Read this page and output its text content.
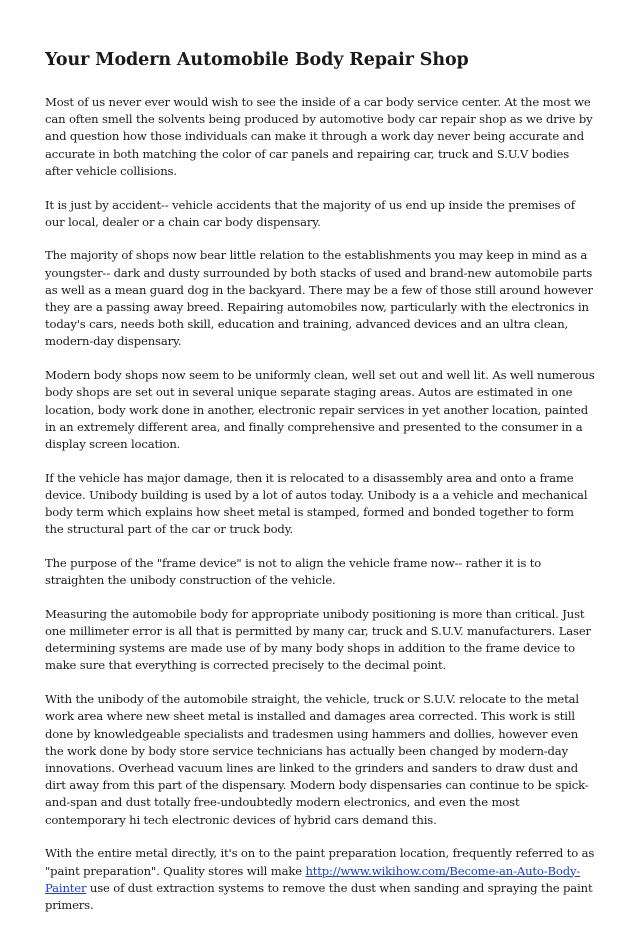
Your Modern Automobile Body Repair Shop

Most of us never ever would wish to see the inside of a car body service center. At the most we can often smell the solvents being produced by automotive body car repair shop as we drive by and question how those individuals can make it through a work day never being accurate and accurate in both matching the color of car panels and repairing car, truck and S.U.V bodies after vehicle collisions.

It is just by accident-- vehicle accidents that the majority of us end up inside the premises of our local, dealer or a chain car body dispensary.

The majority of shops now bear little relation to the establishments you may keep in mind as a youngster-- dark and dusty surrounded by both stacks of used and brand-new automobile parts as well as a mean guard dog in the backyard. There may be a few of those still around however they are a passing away breed. Repairing automobiles now, particularly with the electronics in today's cars, needs both skill, education and training, advanced devices and an ultra clean, modern-day dispensary.

Modern body shops now seem to be uniformly clean, well set out and well lit. As well numerous body shops are set out in several unique separate staging areas. Autos are estimated in one location, body work done in another, electronic repair services in yet another location, painted in an extremely different area, and finally comprehensive and presented to the consumer in a display screen location.

If the vehicle has major damage, then it is relocated to a disassembly area and onto a frame device. Unibody building is used by a lot of autos today. Unibody is a a vehicle and mechanical body term which explains how sheet metal is stamped, formed and bonded together to form the structural part of the car or truck body.

The purpose of the "frame device" is not to align the vehicle frame now-- rather it is to straighten the unibody construction of the vehicle.

Measuring the automobile body for appropriate unibody positioning is more than critical. Just one millimeter error is all that is permitted by many car, truck and S.U.V. manufacturers. Laser determining systems are made use of by many body shops in addition to the frame device to make sure that everything is corrected precisely to the decimal point.

With the unibody of the automobile straight, the vehicle, truck or S.U.V. relocate to the metal work area where new sheet metal is installed and damages area corrected. This work is still done by knowledgeable specialists and tradesmen using hammers and dollies, however even the work done by body store service technicians has actually been changed by modern-day innovations. Overhead vacuum lines are linked to the grinders and sanders to draw dust and dirt away from this part of the dispensary. Modern body dispensaries can continue to be spick-and-span and dust totally free-undoubtedly modern electronics, and even the most contemporary hi tech electronic devices of hybrid cars demand this.

With the entire metal directly, it's on to the paint preparation location, frequently referred to as "paint preparation". Quality stores will make http://www.wikihow.com/Become-an-Auto-Body-Painter use of dust extraction systems to remove the dust when sanding and spraying the paint primers.
